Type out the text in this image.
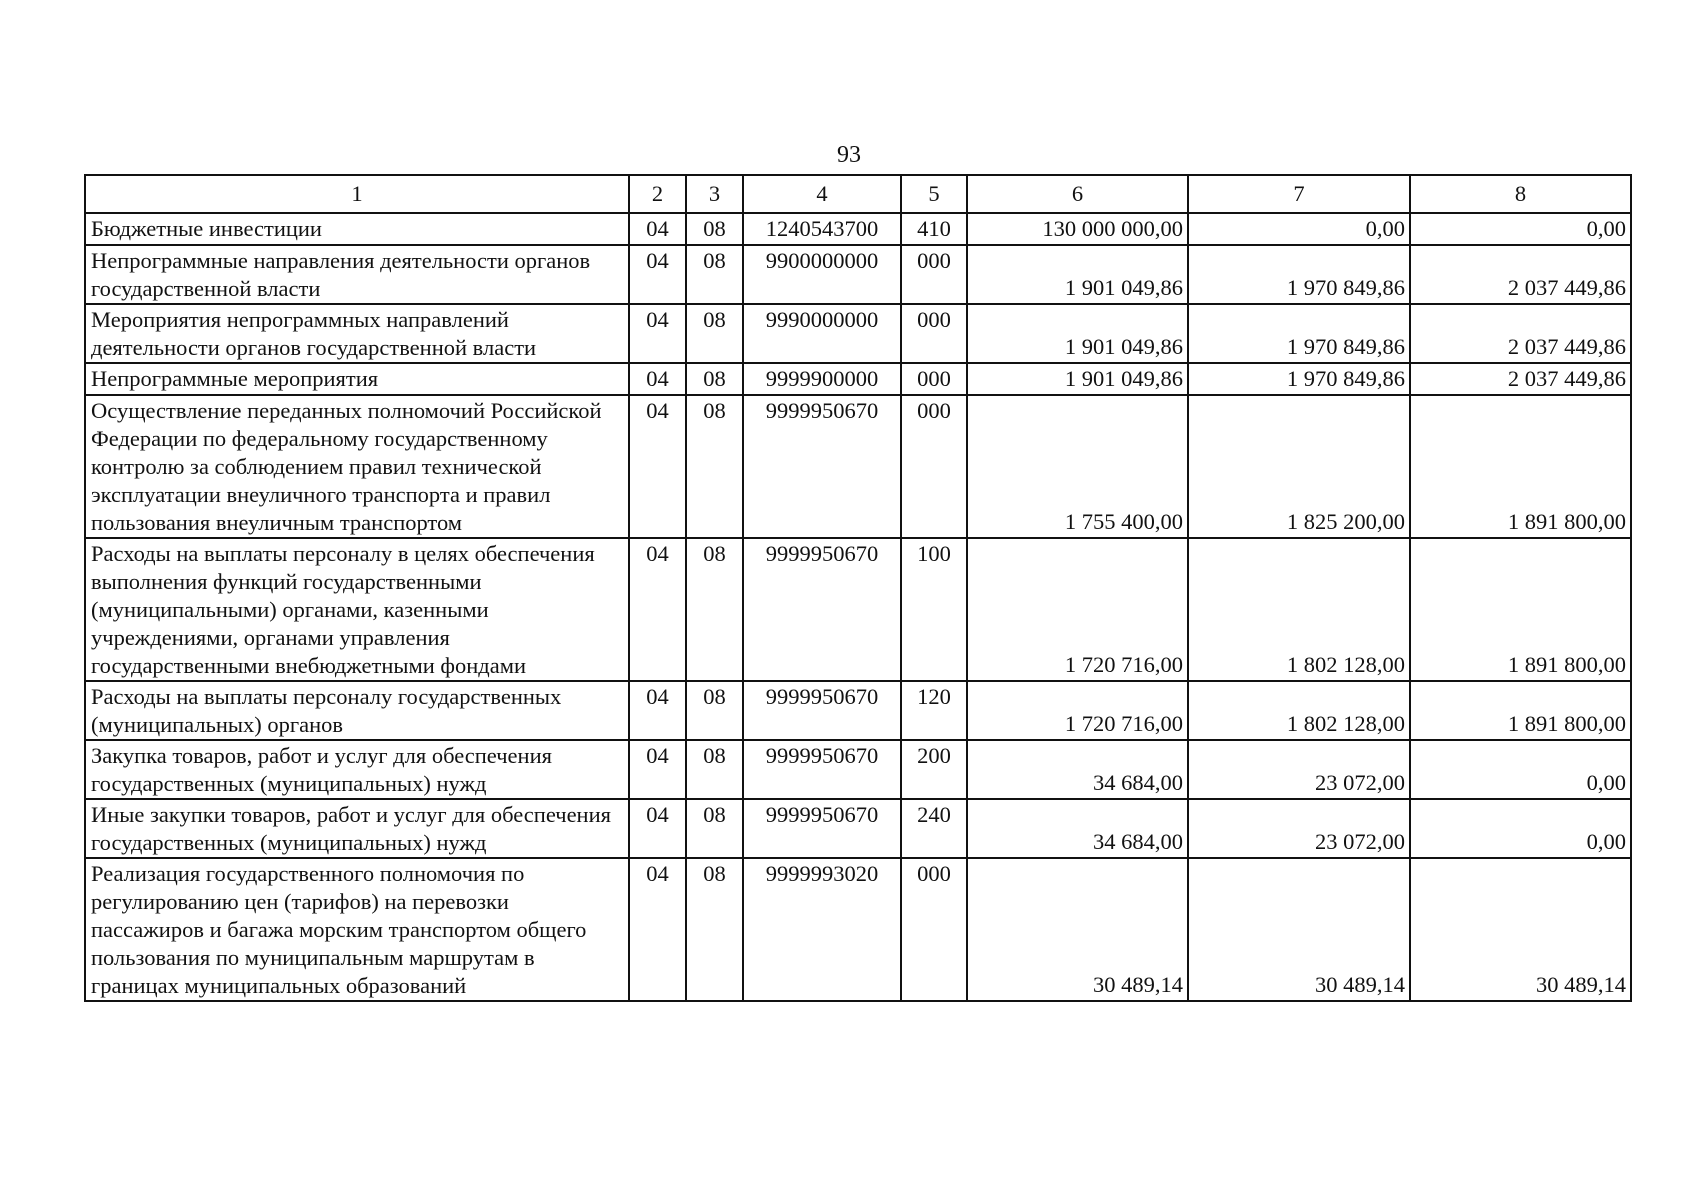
93
1	2	3	4	5	6	7	8
Бюджетные инвестиции	04	08	1240543700	410	130 000 000,00	0,00	0,00
Непрограммные направления деятельности органов государственной власти	04	08	9900000000	000	1 901 049,86	1 970 849,86	2 037 449,86
Мероприятия непрограммных направлений деятельности органов государственной власти	04	08	9990000000	000	1 901 049,86	1 970 849,86	2 037 449,86
Непрограммные мероприятия	04	08	9999900000	000	1 901 049,86	1 970 849,86	2 037 449,86
Осуществление переданных полномочий Российской Федерации по федеральному государственному контролю за соблюдением правил технической эксплуатации внеуличного транспорта и правил пользования внеуличным транспортом	04	08	9999950670	000	1 755 400,00	1 825 200,00	1 891 800,00
Расходы на выплаты персоналу в целях обеспечения выполнения функций государственными (муниципальными) органами, казенными учреждениями, органами управления государственными внебюджетными фондами	04	08	9999950670	100	1 720 716,00	1 802 128,00	1 891 800,00
Расходы на выплаты персоналу государственных (муниципальных) органов	04	08	9999950670	120	1 720 716,00	1 802 128,00	1 891 800,00
Закупка товаров, работ и услуг для обеспечения государственных (муниципальных) нужд	04	08	9999950670	200	34 684,00	23 072,00	0,00
Иные закупки товаров, работ и услуг для обеспечения государственных (муниципальных) нужд	04	08	9999950670	240	34 684,00	23 072,00	0,00
Реализация государственного полномочия по регулированию цен (тарифов) на перевозки пассажиров и багажа морским транспортом общего пользования по муниципальным маршрутам в границах муниципальных образований	04	08	9999993020	000	30 489,14	30 489,14	30 489,14
